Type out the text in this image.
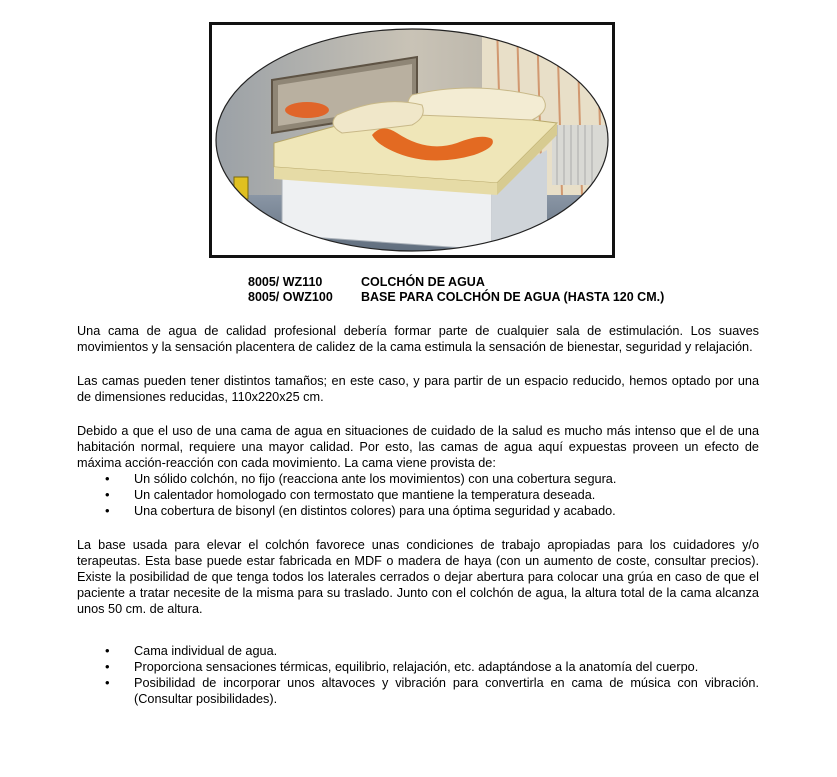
8005/ WZ110	COLCHÓN DE AGUA
8005/ OWZ100	BASE PARA COLCHÓN DE AGUA (HASTA 120 CM.)

Una cama de agua de calidad profesional debería formar parte de cualquier sala de estimulación. Los suaves movimientos y la sensación placentera de calidez de la cama estimula la sensación de bienestar, seguridad y relajación.

Las camas pueden tener distintos tamaños; en este caso, y para partir de un espacio reducido, hemos optado por una de dimensiones reducidas, 110x220x25 cm.

Debido a que el uso de una cama de agua en situaciones de cuidado de la salud es mucho más intenso que el de una habitación normal, requiere una mayor calidad. Por esto, las camas de agua aquí expuestas proveen un efecto de máxima acción-reacción con cada movimiento. La cama viene provista de:

• Un sólido colchón, no fijo (reacciona ante los movimientos) con una cobertura segura.
• Un calentador homologado con termostato que mantiene la temperatura deseada.
• Una cobertura de bisonyl (en distintos colores) para una óptima seguridad y acabado.

La base usada para elevar el colchón favorece unas condiciones de trabajo apropiadas para los cuidadores y/o terapeutas. Esta base puede estar fabricada en MDF o madera de haya (con un aumento de coste, consultar precios). Existe la posibilidad de que tenga todos los laterales cerrados o dejar abertura para colocar una grúa en caso de que el paciente a tratar necesite de la misma para su traslado. Junto con el colchón de agua, la altura total de la cama alcanza unos 50 cm. de altura.

• Cama individual de agua.
• Proporciona sensaciones térmicas, equilibrio, relajación, etc. adaptándose a la anatomía del cuerpo.
• Posibilidad de incorporar unos altavoces y vibración para convertirla en cama de música con vibración. (Consultar posibilidades).
